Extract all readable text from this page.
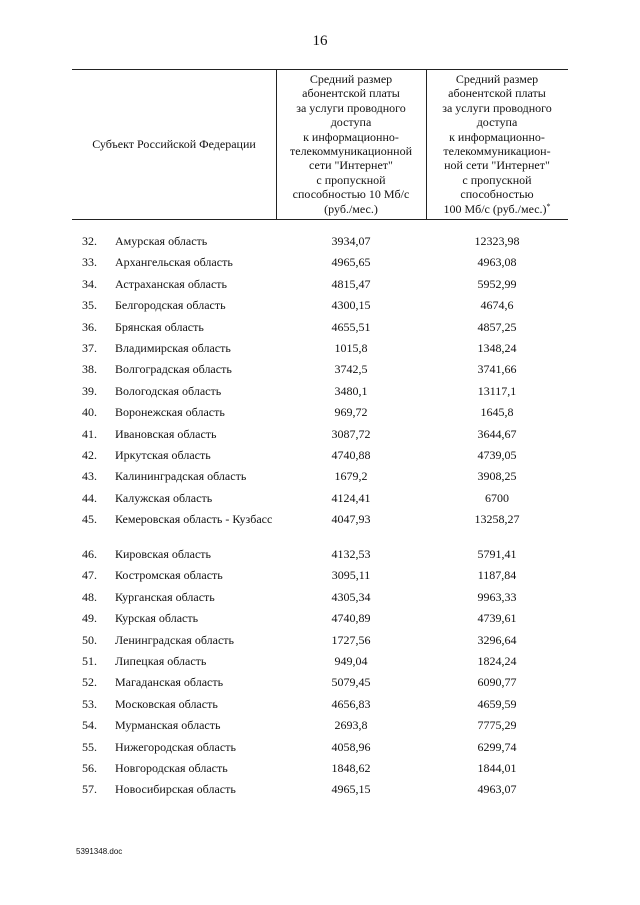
16
Субъект Российской Федерации
Средний размер
абонентской платы
за услуги проводного
доступа
к информационно-
телекоммуникационной
сети "Интернет"
с пропускной
способностью 10 Мб/с
(руб./мес.)
Средний размер
абонентской платы
за услуги проводного
доступа
к информационно-
телекоммуникацион-
ной сети "Интернет"
с пропускной
способностью
100 Мб/с (руб./мес.)*
32. Амурская область	3934,07	12323,98
33. Архангельская область	4965,65	4963,08
34. Астраханская область	4815,47	5952,99
35. Белгородская область	4300,15	4674,6
36. Брянская область	4655,51	4857,25
37. Владимирская область	1015,8	1348,24
38. Волгоградская область	3742,5	3741,66
39. Вологодская область	3480,1	13117,1
40. Воронежская область	969,72	1645,8
41. Ивановская область	3087,72	3644,67
42. Иркутская область	4740,88	4739,05
43. Калининградская область	1679,2	3908,25
44. Калужская область	4124,41	6700
45. Кемеровская область - Кузбасс	4047,93	13258,27
46. Кировская область	4132,53	5791,41
47. Костромская область	3095,11	1187,84
48. Курганская область	4305,34	9963,33
49. Курская область	4740,89	4739,61
50. Ленинградская область	1727,56	3296,64
51. Липецкая область	949,04	1824,24
52. Магаданская область	5079,45	6090,77
53. Московская область	4656,83	4659,59
54. Мурманская область	2693,8	7775,29
55. Нижегородская область	4058,96	6299,74
56. Новгородская область	1848,62	1844,01
57. Новосибирская область	4965,15	4963,07
5391348.doc
